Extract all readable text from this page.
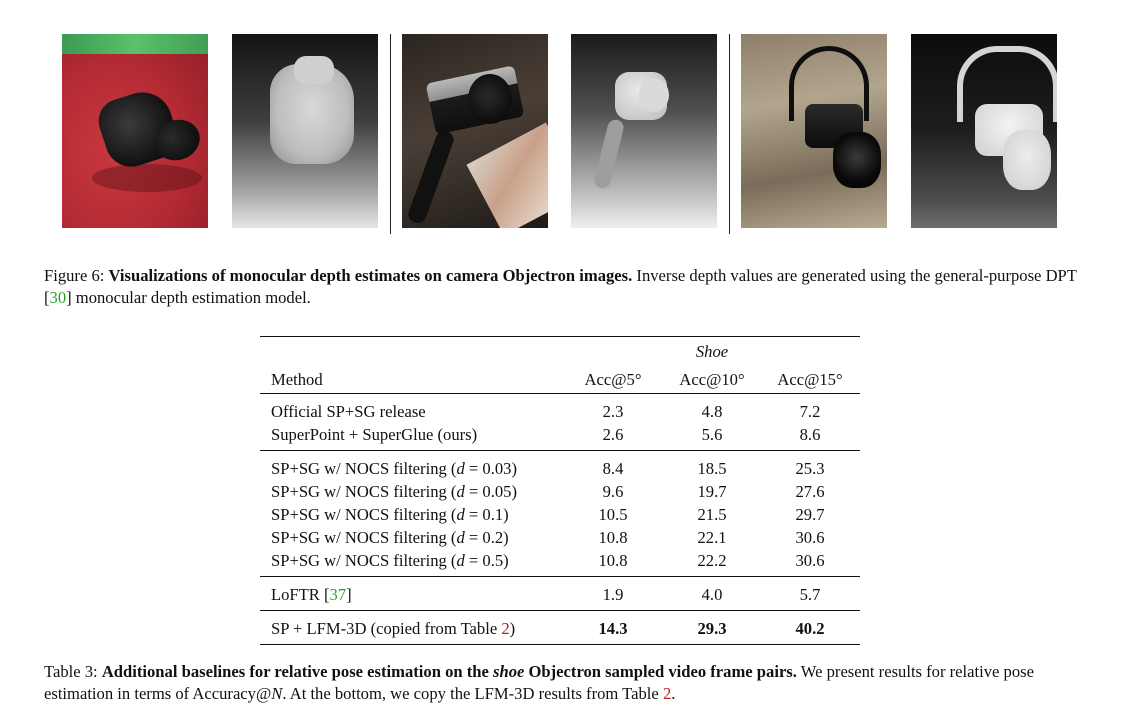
Figure 6: Visualizations of monocular depth estimates on camera Objectron images. Inverse depth values are generated using the general-purpose DPT [30] monocular depth estimation model.
		Shoe	
Method	Acc@5°	Acc@10°	Acc@15°
Official SP+SG release	2.3	4.8	7.2
SuperPoint + SuperGlue (ours)	2.6	5.6	8.6
SP+SG w/ NOCS filtering (d = 0.03)	8.4	18.5	25.3
SP+SG w/ NOCS filtering (d = 0.05)	9.6	19.7	27.6
SP+SG w/ NOCS filtering (d = 0.1)	10.5	21.5	29.7
SP+SG w/ NOCS filtering (d = 0.2)	10.8	22.1	30.6
SP+SG w/ NOCS filtering (d = 0.5)	10.8	22.2	30.6
LoFTR [37]	1.9	4.0	5.7
SP + LFM-3D (copied from Table 2)	14.3	29.3	40.2
Table 3: Additional baselines for relative pose estimation on the shoe Objectron sampled video frame pairs. We present results for relative pose estimation in terms of Accuracy@N. At the bottom, we copy the LFM-3D results from Table 2.
